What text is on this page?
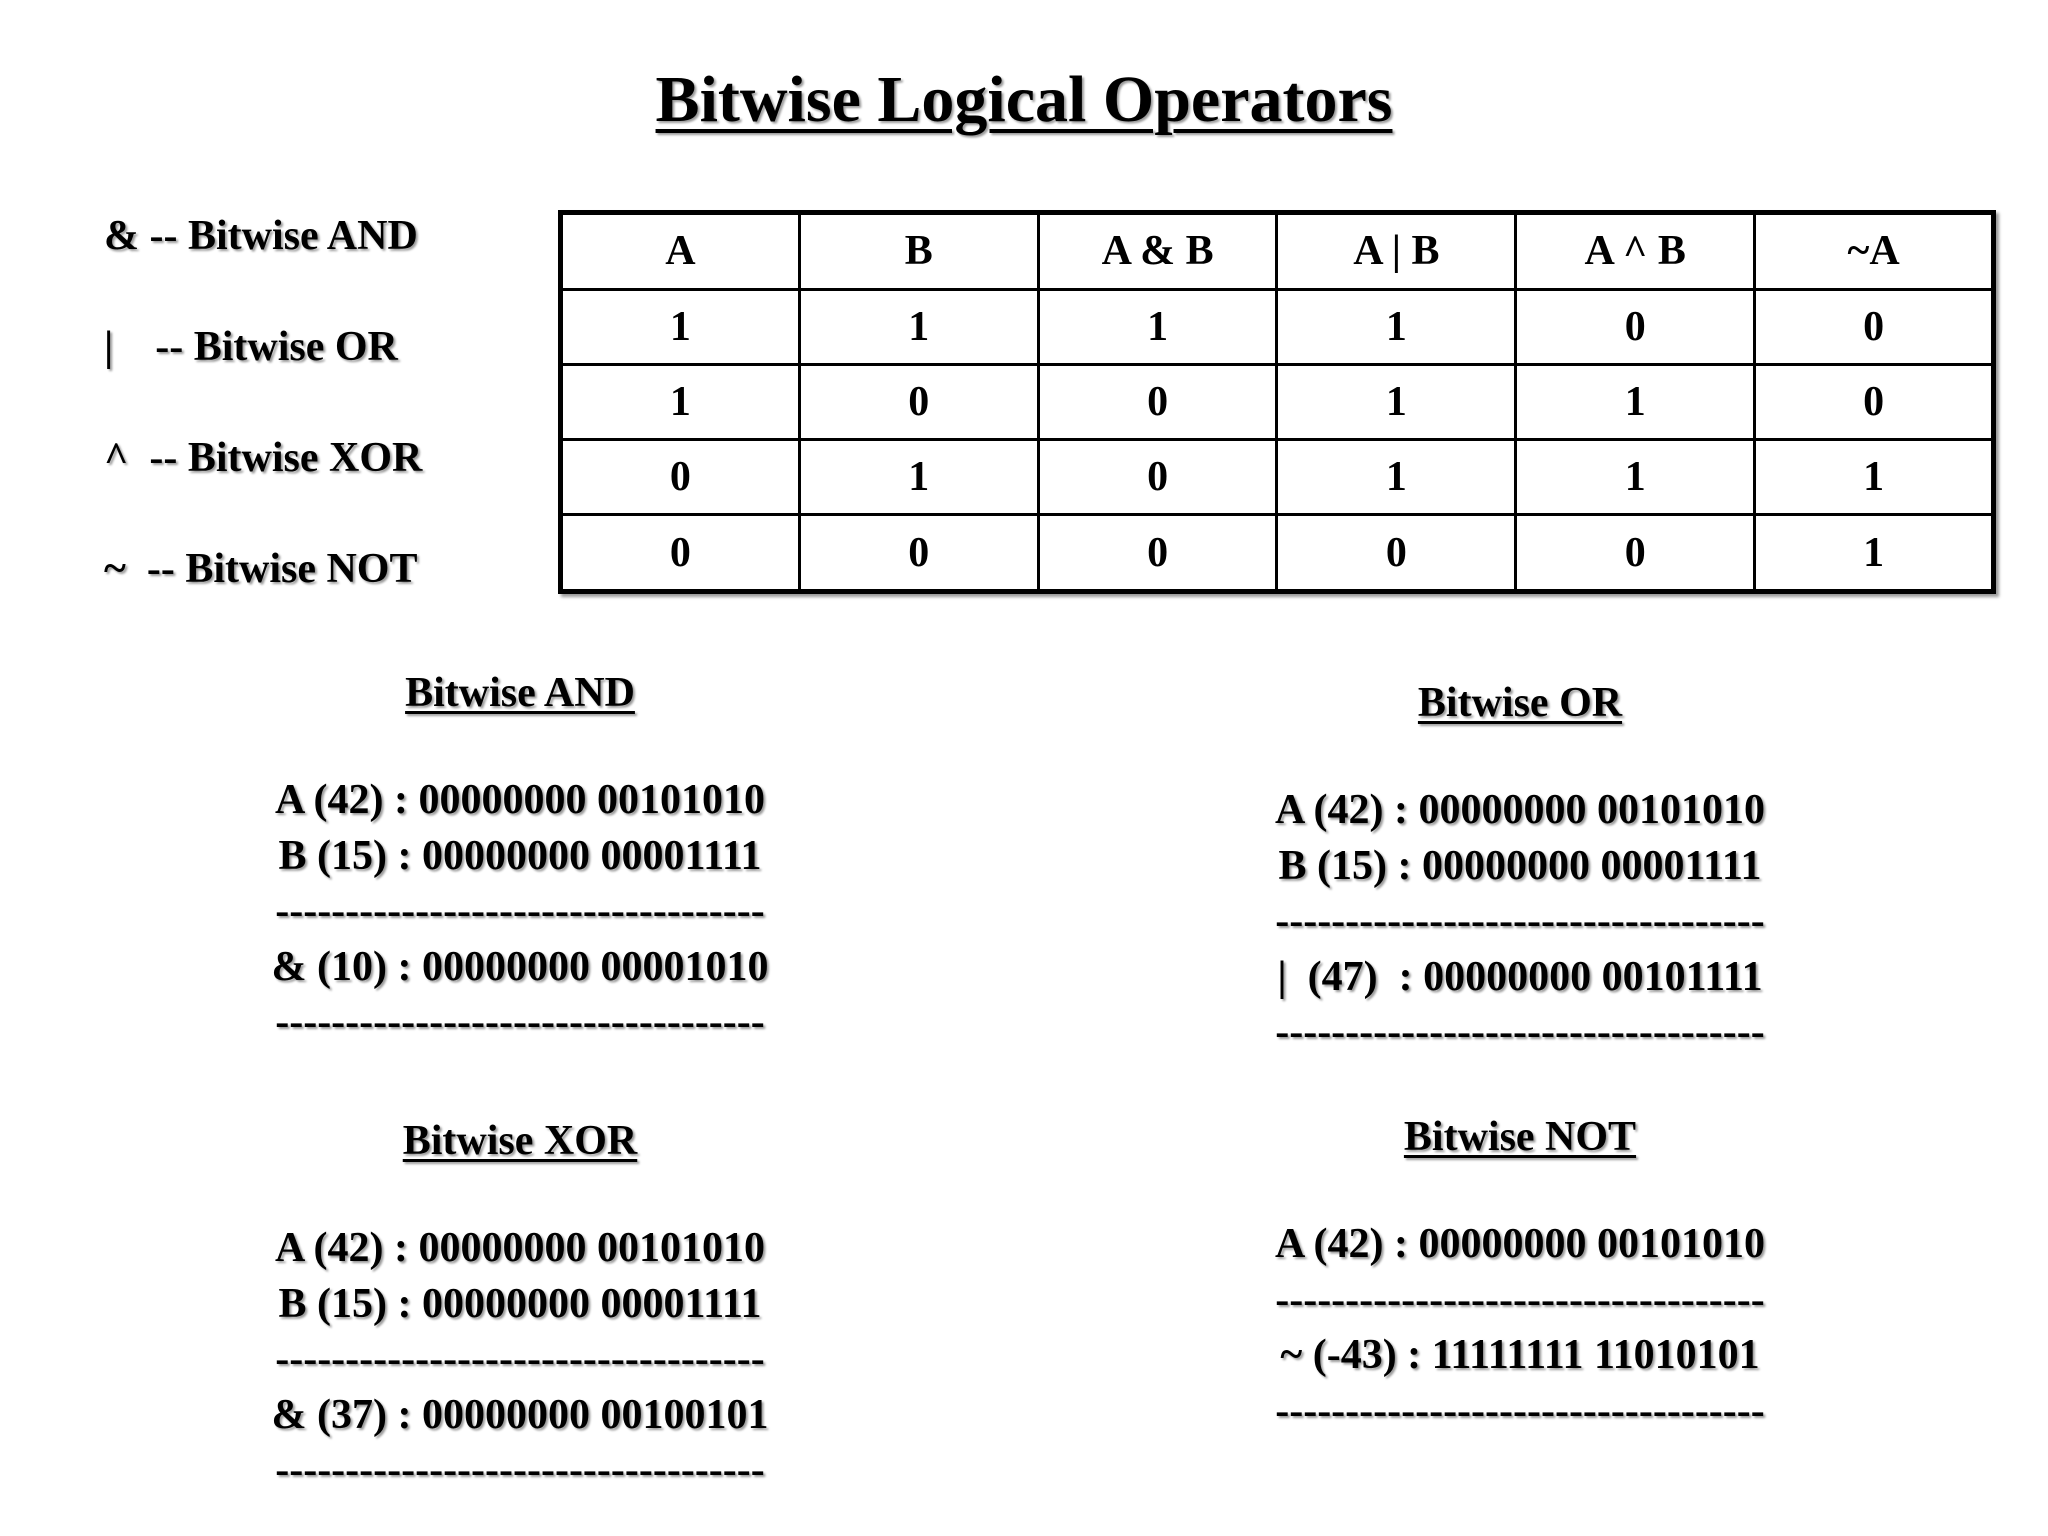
Bitwise Logical Operators
& -- Bitwise AND
|    -- Bitwise OR
^  -- Bitwise XOR
~  -- Bitwise NOT
A	B	A & B	A | B	A ^ B	~A
1	1	1	1	0	0
1	0	0	1	1	0
0	1	0	1	1	1
0	0	0	0	0	1
Bitwise AND
A (42) : 00000000 00101010
B (15) : 00000000 00001111
-----------------------------------
& (10) : 00000000 00001010
-----------------------------------
Bitwise OR
A (42) : 00000000 00101010
B (15) : 00000000 00001111
-----------------------------------
|  (47)  : 00000000 00101111
-----------------------------------
Bitwise XOR
A (42) : 00000000 00101010
B (15) : 00000000 00001111
-----------------------------------
& (37) : 00000000 00100101
-----------------------------------
Bitwise NOT
A (42) : 00000000 00101010
-----------------------------------
~ (-43) : 11111111 11010101
-----------------------------------
